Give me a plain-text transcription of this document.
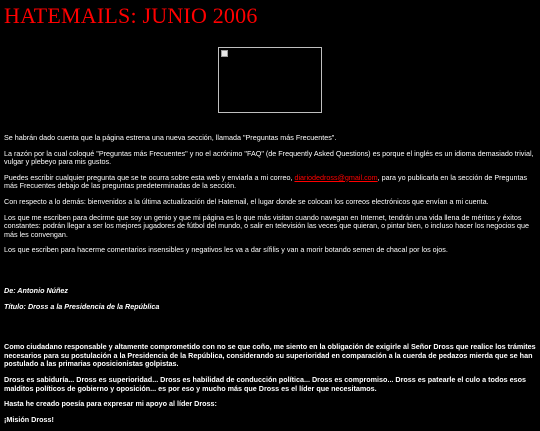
HATEMAILS: JUNIO 2006

Se habrán dado cuenta que la página estrena una nueva sección, llamada "Preguntas más Frecuentes".

La razón por la cual coloqué "Preguntas más Frecuentes" y no el acrónimo "FAQ" (de Frequently Asked Questions) es porque el inglés es un idioma demasiado trivial, vulgar y plebeyo para mis gustos.

Puedes escribir cualquier pregunta que se te ocurra sobre esta web y enviarla a mi correo, diariodedross@gmail.com, para yo publicarla en la sección de Preguntas más Frecuentes debajo de las preguntas predeterminadas de la sección.

Con respecto a lo demás: bienvenidos a la última actualización del Hatemail, el lugar donde se colocan los correos electrónicos que envían a mi cuenta.

Los que me escriben para decirme que soy un genio y que mi página es lo que más visitan cuando navegan en Internet, tendrán una vida llena de méritos y éxitos constantes: podrán llegar a ser los mejores jugadores de fútbol del mundo, o salir en televisión las veces que quieran, o pintar bien, o incluso hacer los negocios que más les convengan.

Los que escriben para hacerme comentarios insensibles y negativos les va a dar sífilis y van a morir botando semen de chacal por los ojos.

De: Antonio Núñez

Título: Dross a la Presidencia de la República

Como ciudadano responsable y altamente comprometido con no se que coño, me siento en la obligación de exigirle al Señor Dross que realice los trámites necesarios para su postulación a la Presidencia de la República, considerando su superioridad en comparación a la cuerda de pedazos mierda que se han postulado a las primarias oposicionistas golpistas.

Dross es sabiduría... Dross es superioridad... Dross es habilidad de conducción política... Dross es compromiso... Dross es patearle el culo a todos esos malditos políticos de gobierno y oposición... es por eso y mucho más que Dross es el líder que necesitamos.

Hasta he creado poesía para expresar mi apoyo al líder Dross:

¡Misión Dross!
